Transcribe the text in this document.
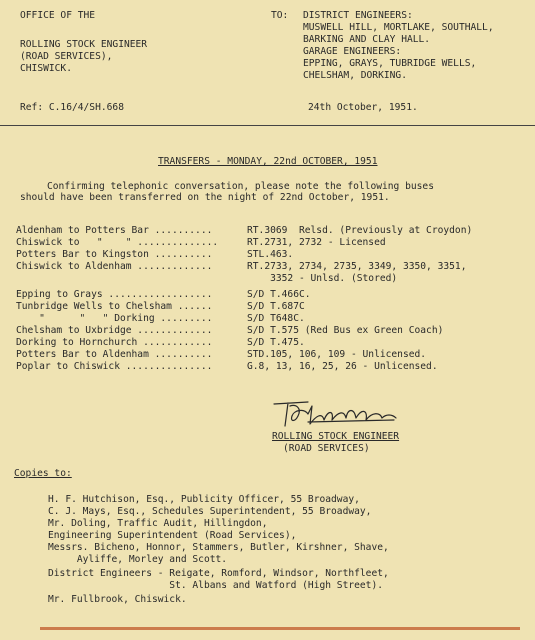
OFFICE OF THE
ROLLING STOCK ENGINEER
(ROAD SERVICES),
CHISWICK.
TO: DISTRICT ENGINEERS:
MUSWELL HILL, MORTLAKE, SOUTHALL,
BARKING AND CLAY HALL.
GARAGE ENGINEERS:
EPPING, GRAYS, TUBRIDGE WELLS,
CHELSHAM, DORKING.
Ref: C.16/4/SH.668	24th October, 1951.
TRANSFERS - MONDAY, 22nd OCTOBER, 1951
Confirming telephonic conversation, please note the following buses
should have been transferred on the night of 22nd October, 1951.
Aldenham to Potters Bar ..........	RT.3069  Relsd. (Previously at Croydon)
Chiswick to   "    " ..............	RT.2731, 2732 - Licensed
Potters Bar to Kingston ..........	STL.463.
Chiswick to Aldenham .............	RT.2733, 2734, 2735, 3349, 3350, 3351,
3352 - Unlsd. (Stored)
Epping to Grays ..................	S/D T.466C.
Tunbridge Wells to Chelsham ......	S/D T.687C
"      "   " Dorking .........	S/D T648C.
Chelsham to Uxbridge .............	S/D T.575 (Red Bus ex Green Coach)
Dorking to Hornchurch ............	S/D T.475.
Potters Bar to Aldenham ..........	STD.105, 106, 109 - Unlicensed.
Poplar to Chiswick ...............	G.8, 13, 16, 25, 26 - Unlicensed.
ROLLING STOCK ENGINEER
(ROAD SERVICES)
Copies to:
H. F. Hutchison, Esq., Publicity Officer, 55 Broadway,
C. J. Mays, Esq., Schedules Superintendent, 55 Broadway,
Mr. Doling, Traffic Audit, Hillingdon,
Engineering Superintendent (Road Services),
Messrs. Bicheno, Honnor, Stammers, Butler, Kirshner, Shave,
Ayliffe, Morley and Scott.
District Engineers - Reigate, Romford, Windsor, Northfleet,
St. Albans and Watford (High Street).
Mr. Fullbrook, Chiswick.
